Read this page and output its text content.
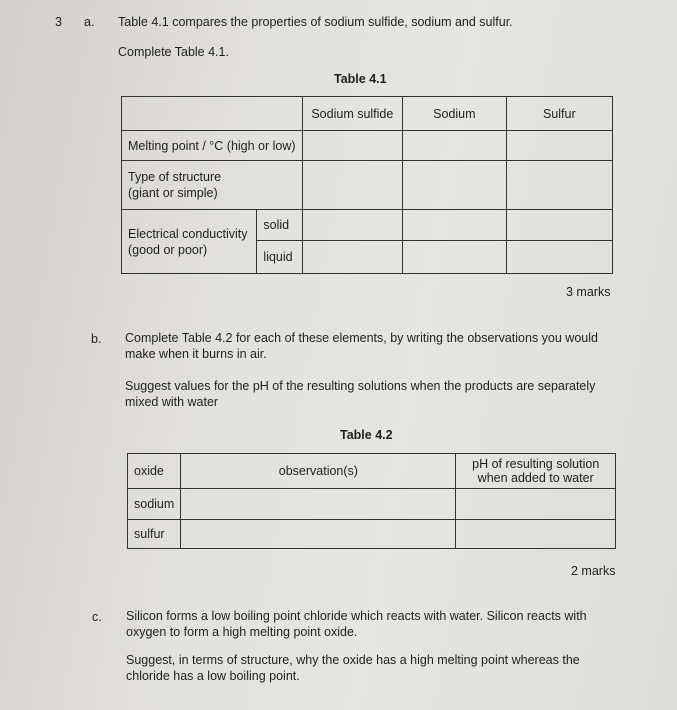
3 a. Table 4.1 compares the properties of sodium sulfide, sodium and sulfur.
Complete Table 4.1.
Table 4.1
		Sodium sulfide	Sodium	Sulfur
Melting point / °C (high or low)				

Type of structure
(giant or simple)				

Electrical conductivity
(good or poor)	solid			
	liquid			
3 marks
b. Complete Table 4.2 for each of these elements, by writing the observations you would make when it burns in air.
Suggest values for the pH of the resulting solutions when the products are separately mixed with water
Table 4.2
oxide	observation(s)	pH of resulting solution
when added to water

sodium		
sulfur		
2 marks
c. Silicon forms a low boiling point chloride which reacts with water. Silicon reacts with oxygen to form a high melting point oxide.
Suggest, in terms of structure, why the oxide has a high melting point whereas the chloride has a low boiling point.
